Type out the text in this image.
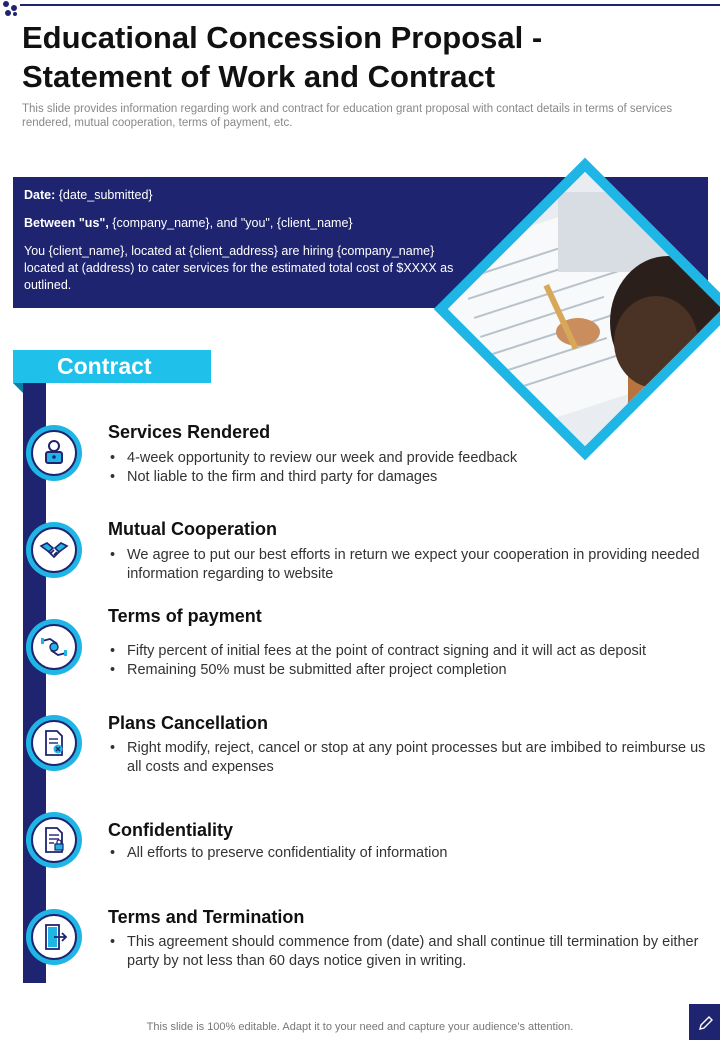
Educational Concession Proposal - Statement of Work and Contract

This slide provides information regarding work and contract for education grant proposal with contact details in terms of services rendered, mutual cooperation, terms of payment, etc.

Date: {date_submitted}

Between "us", {company_name}, and "you", {client_name}

You {client_name}, located at {client_address} are hiring {company_name} located at (address) to cater services for the estimated total cost of $XXXX as outlined.

Contract
Services Rendered
• 4-week opportunity to review our week and provide feedback
• Not liable to the firm and third party for damages
Mutual Cooperation
• We agree to put our best efforts in return we expect your cooperation in providing needed information regarding to website
Terms of payment
• Fifty percent of initial fees at the point of contract signing and it will act as deposit
• Remaining 50% must be submitted after project completion
Plans Cancellation
• Right modify, reject, cancel or stop at any point processes but are imbibed to reimburse us all costs and expenses
Confidentiality
• All efforts to preserve confidentiality of information
Terms and Termination
• This agreement should commence from (date) and shall continue till termination by either party by not less than 60 days notice given in writing.
This slide is 100% editable. Adapt it to your need and capture your audience’s attention.
